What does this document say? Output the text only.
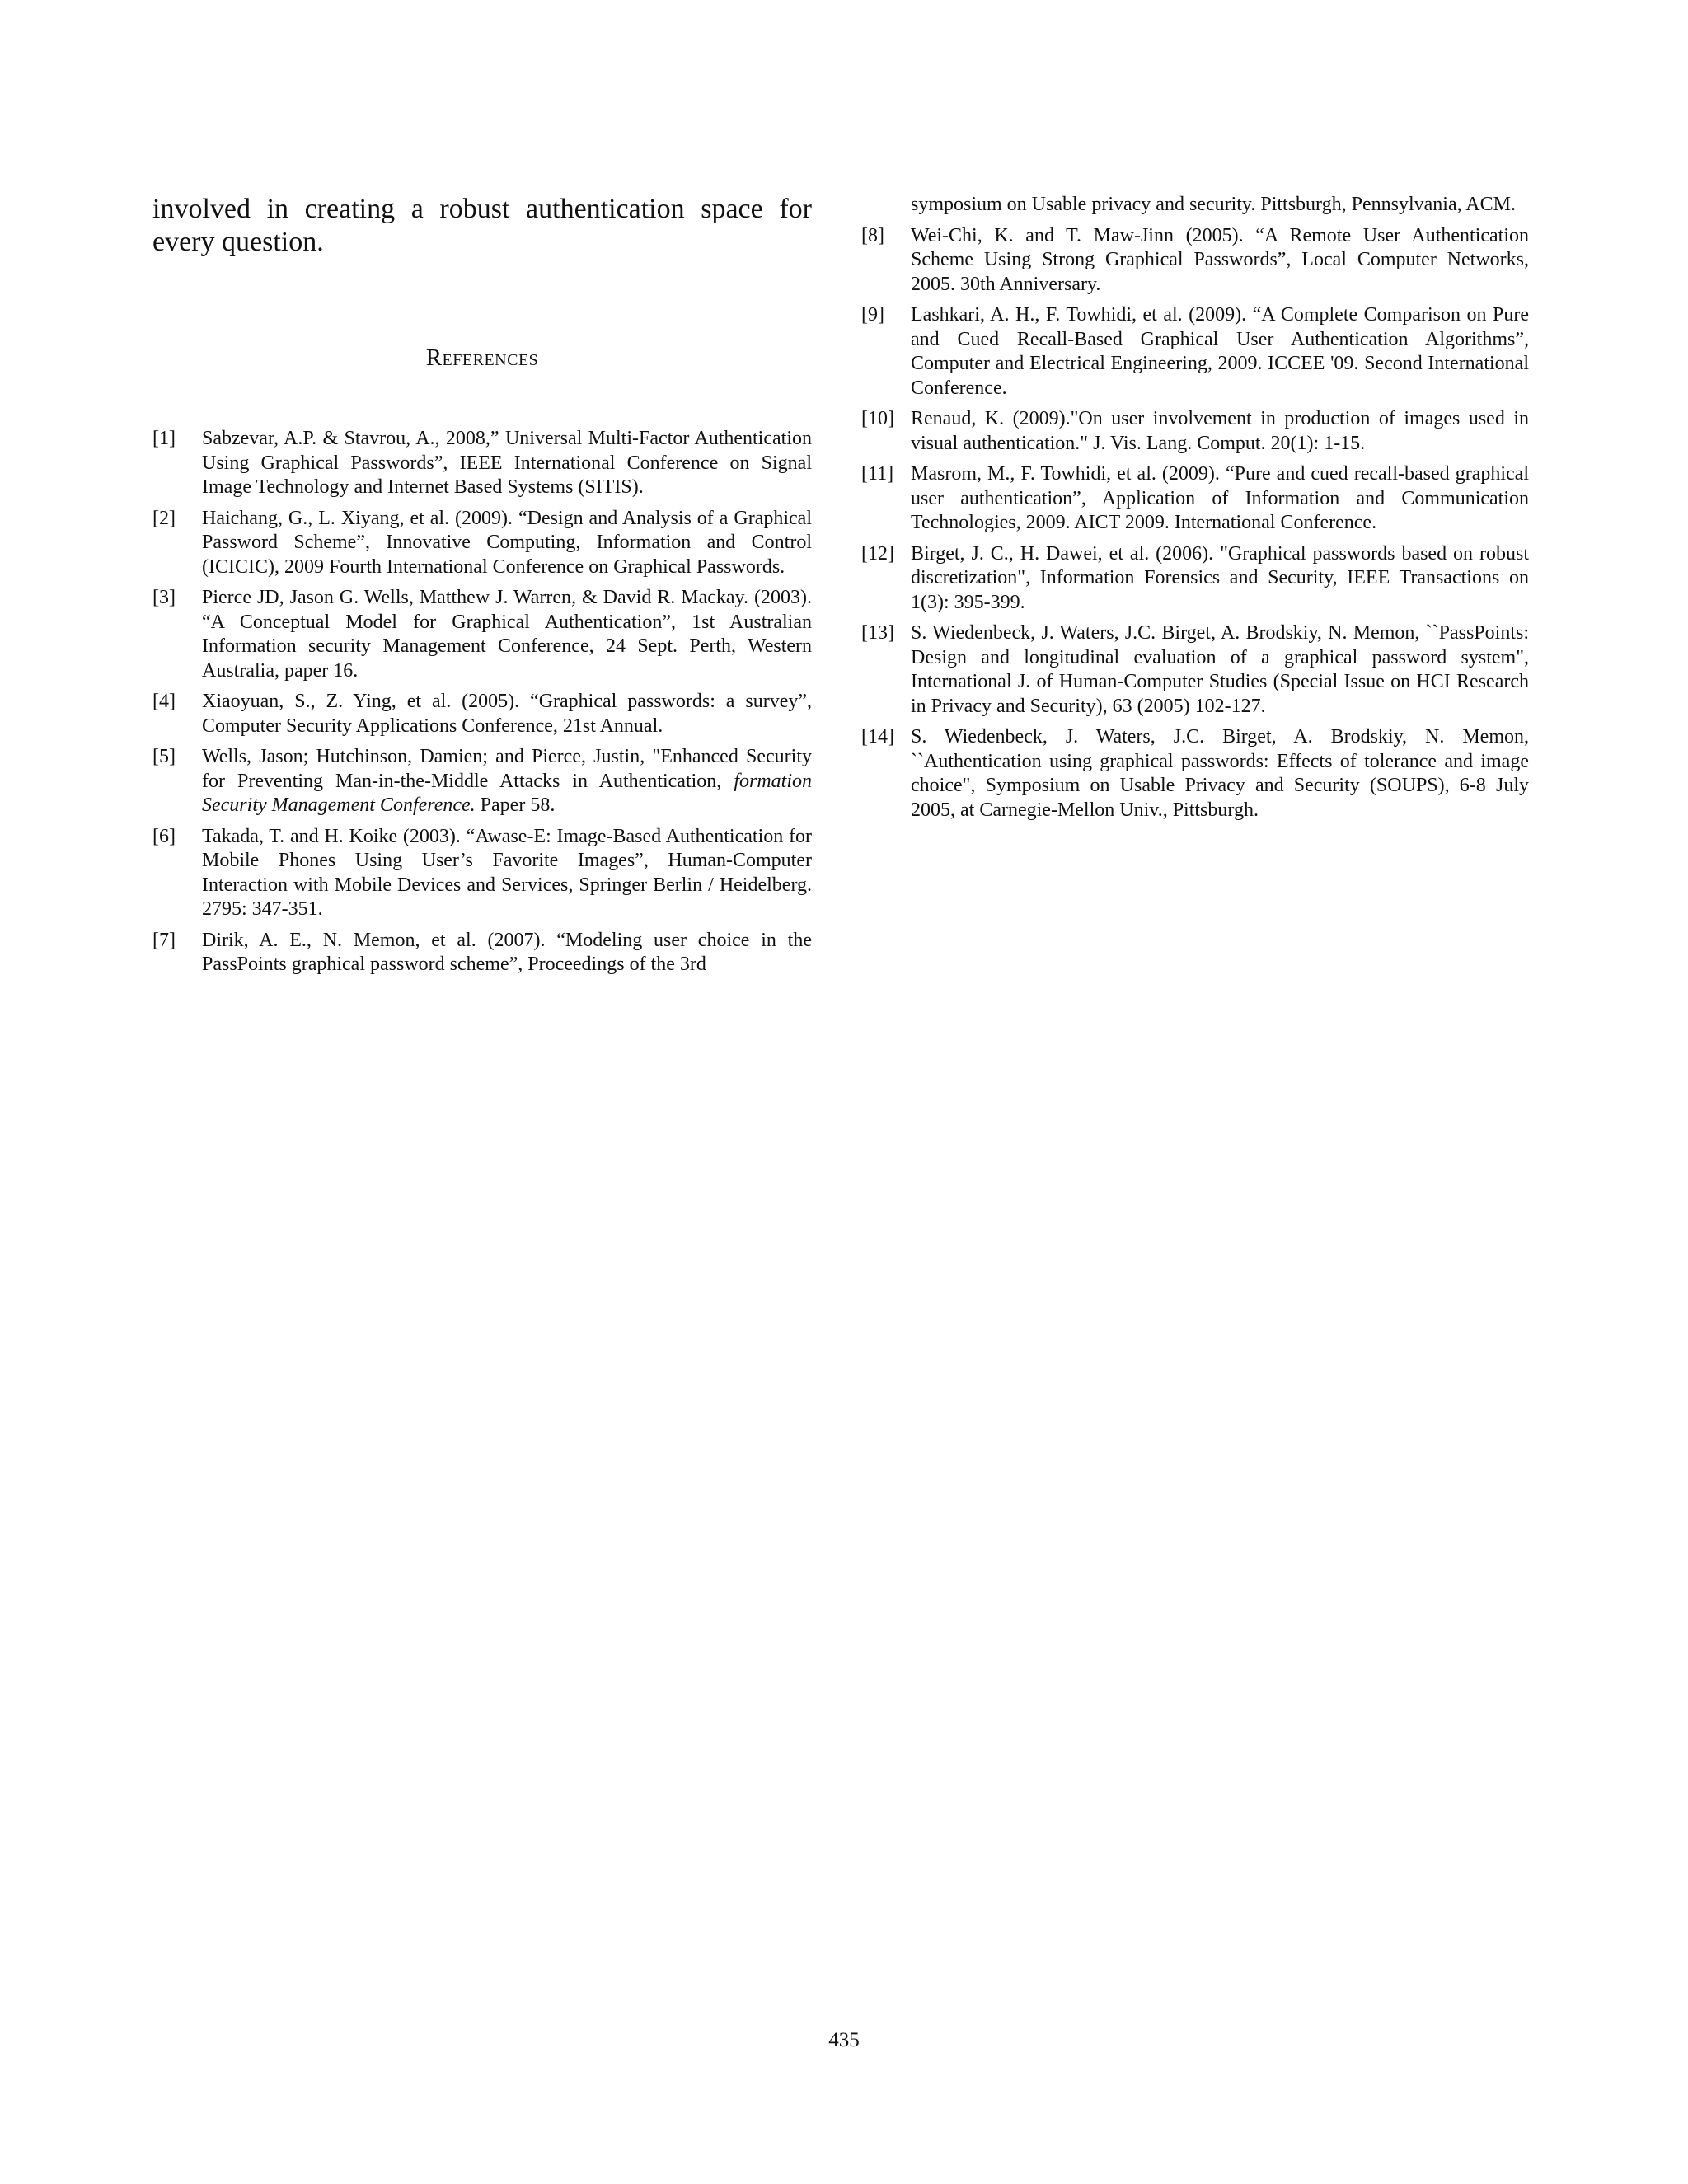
involved in creating a robust authentication space for every question.

References
[1]	Sabzevar, A.P. & Stavrou, A., 2008,” Universal Multi-Factor Authentication Using Graphical Passwords”, IEEE International Conference on Signal Image Technology and Internet Based Systems (SITIS).
[2]	Haichang, G., L. Xiyang, et al. (2009). “Design and Analysis of a Graphical Password Scheme”, Innovative Computing, Information and Control (ICICIC), 2009 Fourth International Conference on Graphical Passwords.
[3]	Pierce JD, Jason G. Wells, Matthew J. Warren, & David R. Mackay. (2003). “A Conceptual Model for Graphical Authentication”, 1st Australian Information security Management Conference, 24 Sept. Perth, Western Australia, paper 16.
[4]	Xiaoyuan, S., Z. Ying, et al. (2005). “Graphical passwords: a survey”, Computer Security Applications Conference, 21st Annual.
[5]	Wells, Jason; Hutchinson, Damien; and Pierce, Justin, "Enhanced Security for Preventing Man-in-the-Middle Attacks in Authentication, formation Security Management Conference. Paper 58.
[6]	Takada, T. and H. Koike (2003). “Awase-E: Image-Based Authentication for Mobile Phones Using User’s Favorite Images”, Human-Computer Interaction with Mobile Devices and Services, Springer Berlin / Heidelberg. 2795: 347-351.
[7]	Dirik, A. E., N. Memon, et al. (2007). “Modeling user choice in the PassPoints graphical password scheme”, Proceedings of the 3rd
symposium on Usable privacy and security. Pittsburgh, Pennsylvania, ACM.
[8]	Wei-Chi, K. and T. Maw-Jinn (2005). “A Remote User Authentication Scheme Using Strong Graphical Passwords”, Local Computer Networks, 2005. 30th Anniversary.
[9]	Lashkari, A. H., F. Towhidi, et al. (2009). “A Complete Comparison on Pure and Cued Recall-Based Graphical User Authentication Algorithms”, Computer and Electrical Engineering, 2009. ICCEE '09. Second International Conference.
[10] Renaud, K. (2009)."On user involvement in production of images used in visual authentication." J. Vis. Lang. Comput. 20(1): 1-15.
[11] Masrom, M., F. Towhidi, et al. (2009). “Pure and cued recall-based graphical user authentication”, Application of Information and Communication Technologies, 2009. AICT 2009. International Conference.
[12] Birget, J. C., H. Dawei, et al. (2006). "Graphical passwords based on robust discretization", Information Forensics and Security, IEEE Transactions on 1(3): 395-399.
[13] S. Wiedenbeck, J. Waters, J.C. Birget, A. Brodskiy, N. Memon, ``PassPoints: Design and longitudinal evaluation of a graphical password system", International J. of Human-Computer Studies (Special Issue on HCI Research in Privacy and Security), 63 (2005) 102-127.
[14] S. Wiedenbeck, J. Waters, J.C. Birget, A. Brodskiy, N. Memon, ``Authentication using graphical passwords: Effects of tolerance and image choice", Symposium on Usable Privacy and Security (SOUPS), 6-8 July 2005, at Carnegie-Mellon Univ., Pittsburgh.
435
